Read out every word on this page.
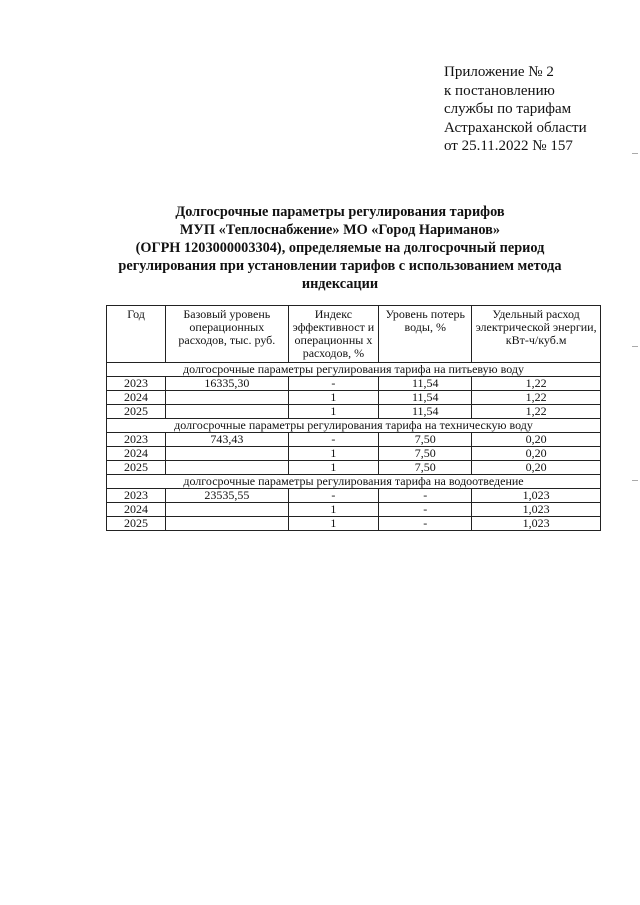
Приложение № 2
к постановлению
службы по тарифам
Астраханской области
от 25.11.2022 № 157
Долгосрочные параметры регулирования тарифов
МУП «Теплоснабжение» МО «Город Нариманов»
(ОГРН 1203000003304), определяемые на долгосрочный период
регулирования при установлении тарифов с использованием метода
индексации
Год	Базовый уровень операционных расходов, тыс. руб.	Индекс эффективност и операционны х расходов, %	Уровень потерь воды, %	Удельный расход электрической энергии, кВт-ч/куб.м
долгосрочные параметры регулирования тарифа на питьевую воду				
2023	16335,30	-	11,54	1,22
2024		1	11,54	1,22
2025		1	11,54	1,22
долгосрочные параметры регулирования тарифа на техническую воду				
2023	743,43	-	7,50	0,20
2024		1	7,50	0,20
2025		1	7,50	0,20
долгосрочные параметры регулирования тарифа на водоотведение				
2023	23535,55	-	-	1,023
2024		1	-	1,023
2025		1	-	1,023
